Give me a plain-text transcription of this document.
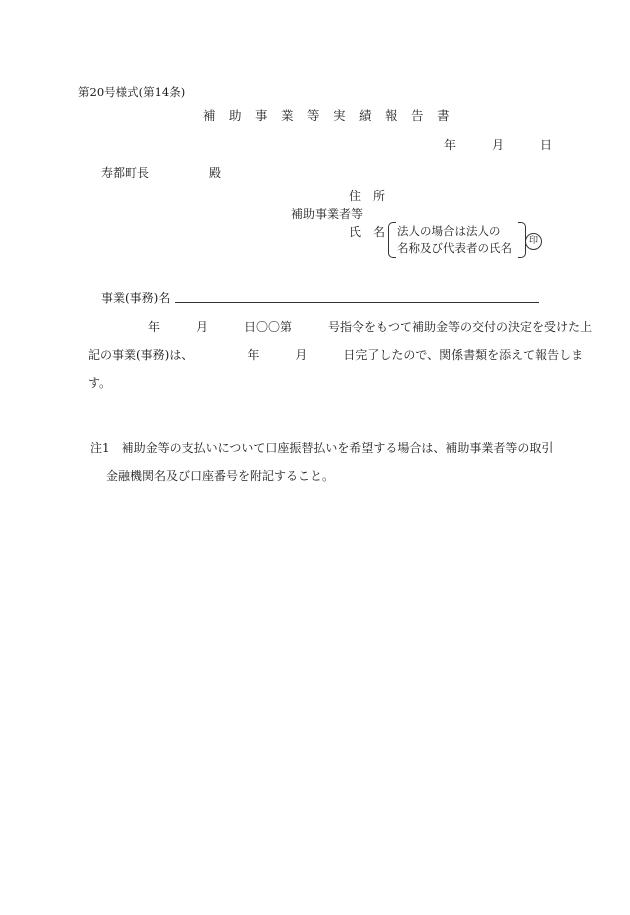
第20号様式(第14条)
補　助　事　業　等　実　績　報　告　書
年　　　月　　　日
寿都町長　　　　　殿
住　所
補助事業者等
氏　名 法人の場合は法人の
名称及び代表者の氏名	印
事業(事務)名
年　　　月　　　日〇〇第　　　号指令をもつて補助金等の交付の決定を受けた上
記の事業(事務)は、　　　　　年　　　月　　　日完了したので、関係書類を添えて報告しま
す。
注1　補助金等の支払いについて口座振替払いを希望する場合は、補助事業者等の取引
金融機関名及び口座番号を附記すること。
